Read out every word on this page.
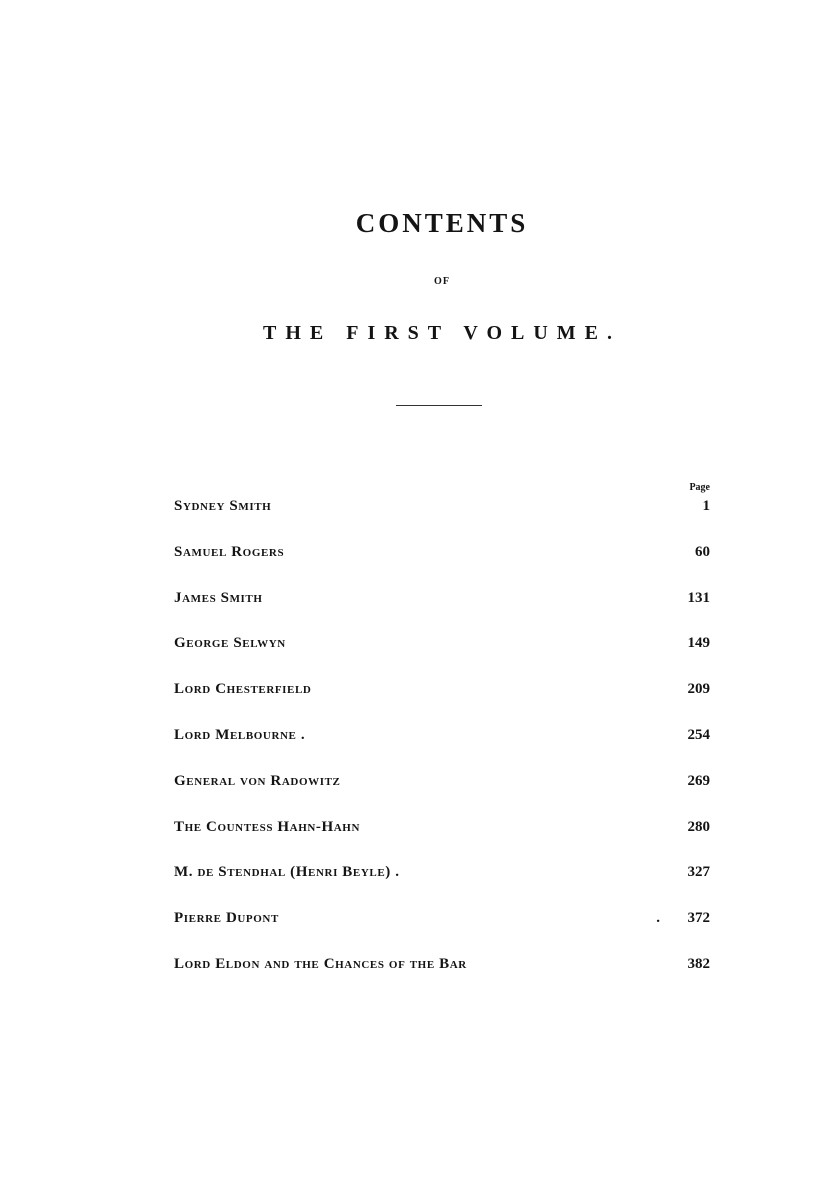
CONTENTS
OF
THE FIRST VOLUME.
Page
Sydney Smith	1
Samuel Rogers	60
James Smith	131
George Selwyn	149
Lord Chesterfield	209
Lord Melbourne .	254
General von Radowitz	269
The Countess Hahn-Hahn	280
M. de Stendhal (Henri Beyle) .	327
Pierre Dupont	. 372
Lord Eldon and the Chances of the Bar	382
